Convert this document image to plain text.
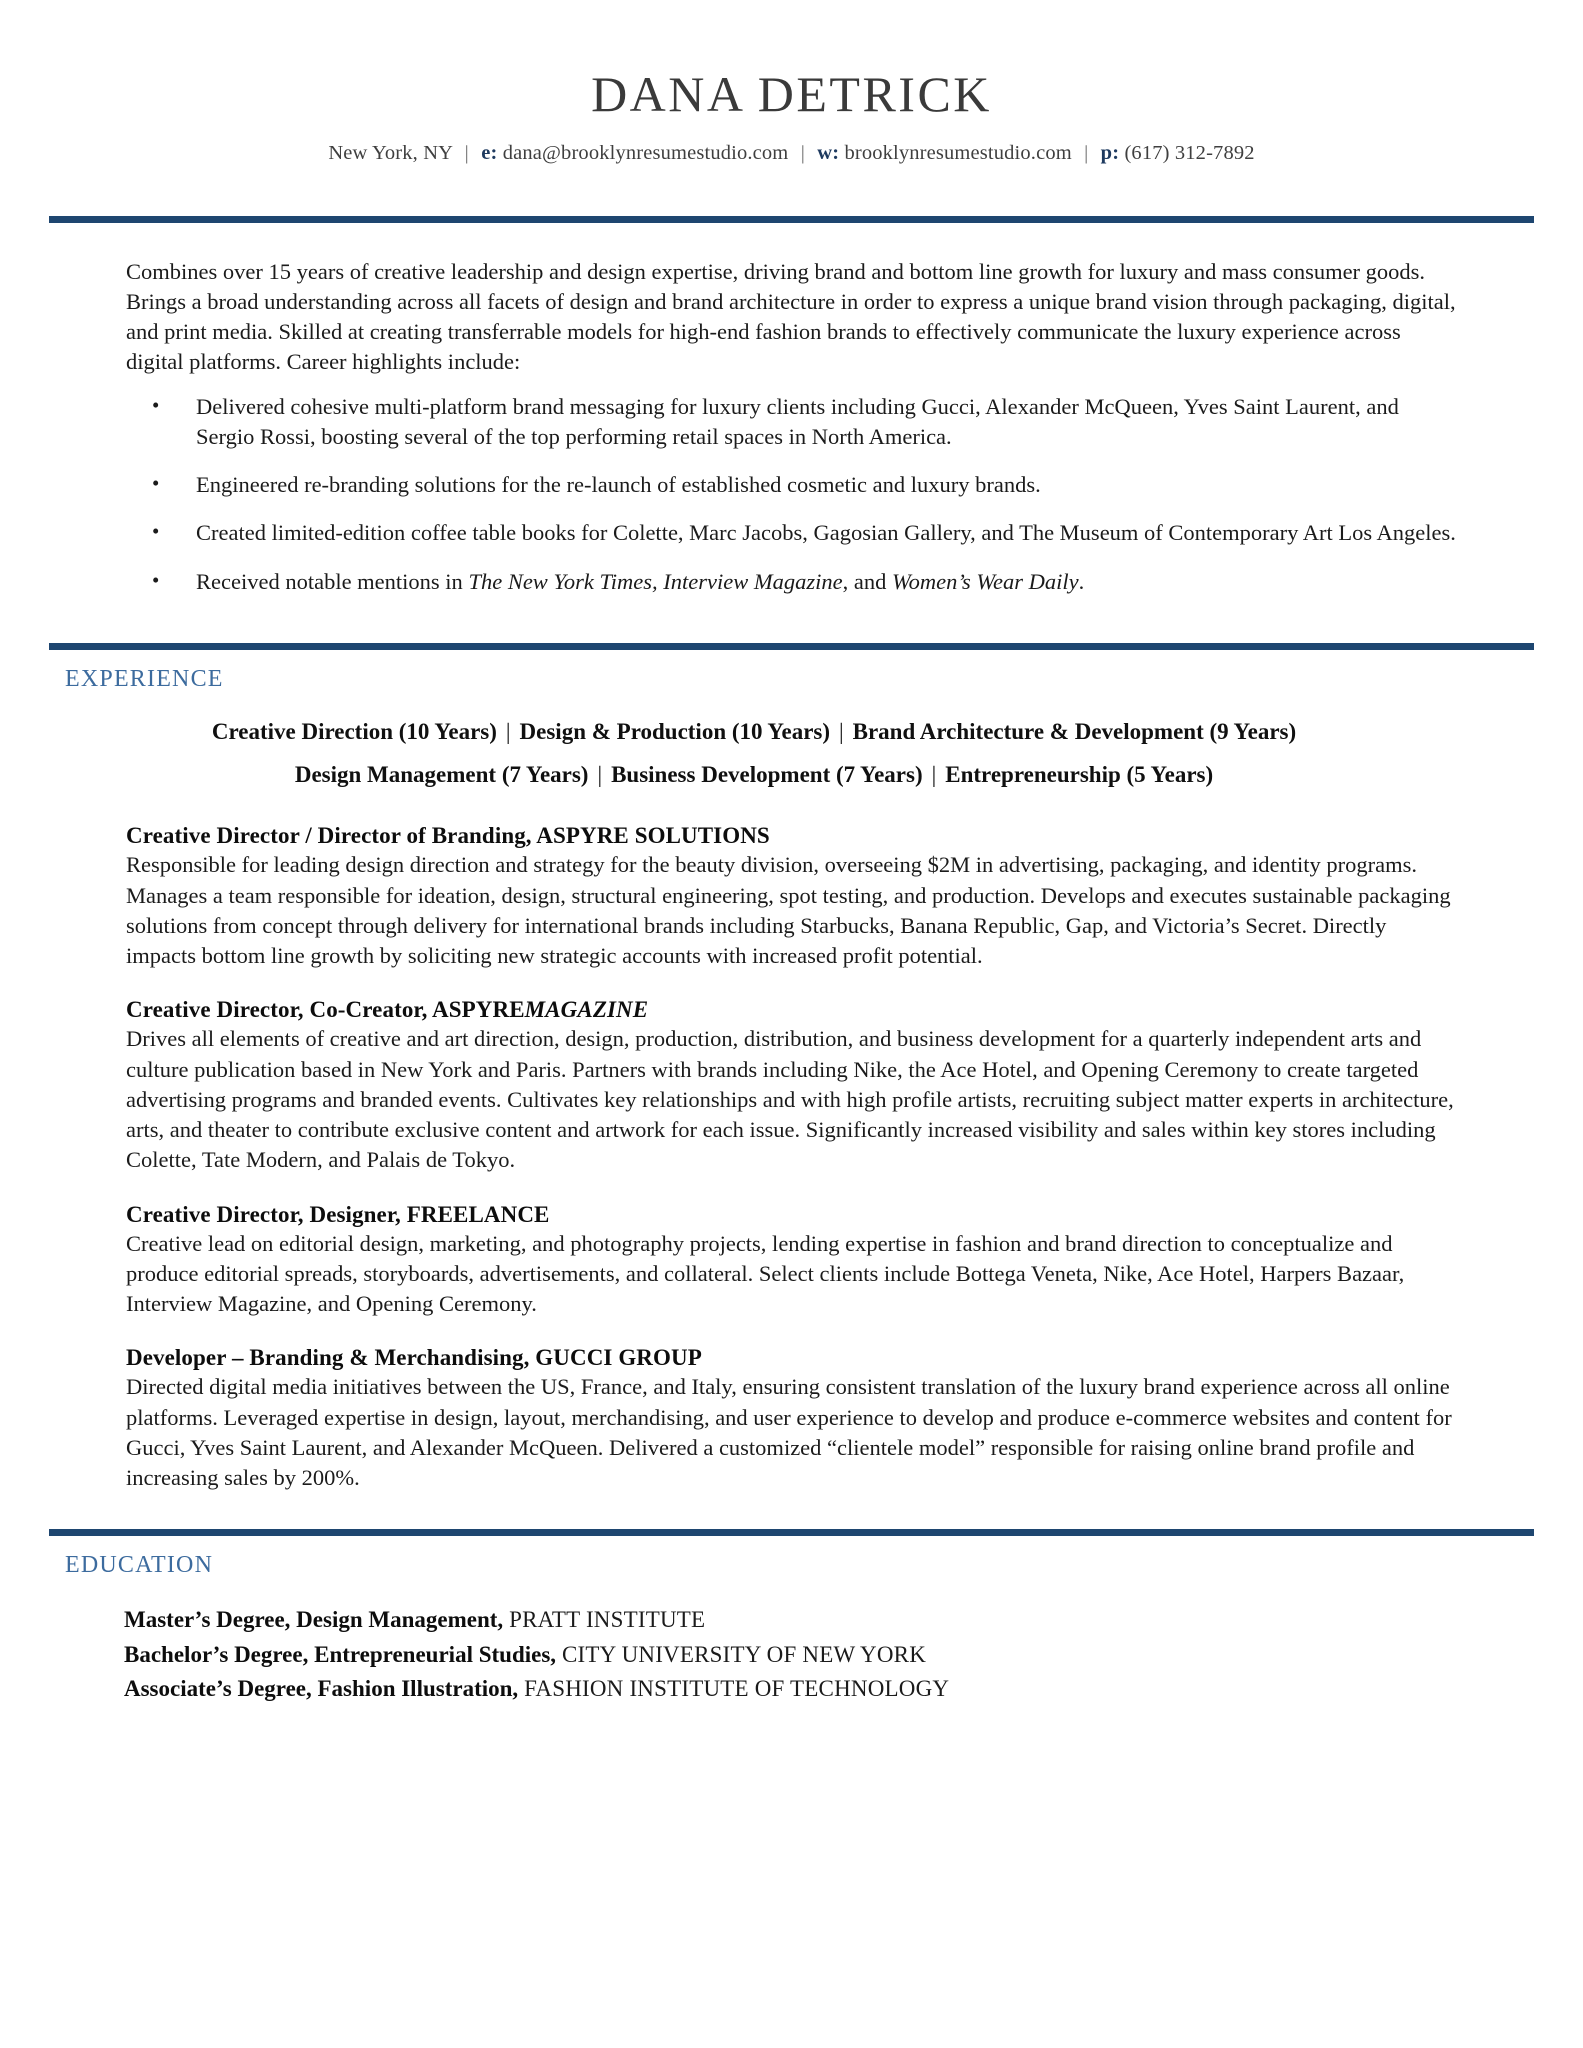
DANA DETRICK
New York, NY | e: dana@brooklynresumestudio.com | w: brooklynresumestudio.com | p: (617) 312-7892

Combines over 15 years of creative leadership and design expertise, driving brand and bottom line growth for luxury and mass consumer goods. Brings a broad understanding across all facets of design and brand architecture in order to express a unique brand vision through packaging, digital, and print media. Skilled at creating transferrable models for high-end fashion brands to effectively communicate the luxury experience across digital platforms. Career highlights include:

• Delivered cohesive multi-platform brand messaging for luxury clients including Gucci, Alexander McQueen, Yves Saint Laurent, and Sergio Rossi, boosting several of the top performing retail spaces in North America.
• Engineered re-branding solutions for the re-launch of established cosmetic and luxury brands.
• Created limited-edition coffee table books for Colette, Marc Jacobs, Gagosian Gallery, and The Museum of Contemporary Art Los Angeles.
• Received notable mentions in The New York Times, Interview Magazine, and Women’s Wear Daily.
EXPERIENCE
Creative Direction (10 Years) | Design & Production (10 Years) | Brand Architecture & Development (9 Years)
Design Management (7 Years) | Business Development (7 Years) | Entrepreneurship (5 Years)
Creative Director / Director of Branding, ASPYRE SOLUTIONS

Responsible for leading design direction and strategy for the beauty division, overseeing $2M in advertising, packaging, and identity programs. Manages a team responsible for ideation, design, structural engineering, spot testing, and production. Develops and executes sustainable packaging solutions from concept through delivery for international brands including Starbucks, Banana Republic, Gap, and Victoria’s Secret. Directly impacts bottom line growth by soliciting new strategic accounts with increased profit potential.

Creative Director, Co-Creator, ASPYREMAGAZINE

Drives all elements of creative and art direction, design, production, distribution, and business development for a quarterly independent arts and culture publication based in New York and Paris. Partners with brands including Nike, the Ace Hotel, and Opening Ceremony to create targeted advertising programs and branded events. Cultivates key relationships and with high profile artists, recruiting subject matter experts in architecture, arts, and theater to contribute exclusive content and artwork for each issue. Significantly increased visibility and sales within key stores including Colette, Tate Modern, and Palais de Tokyo.

Creative Director, Designer, FREELANCE

Creative lead on editorial design, marketing, and photography projects, lending expertise in fashion and brand direction to conceptualize and produce editorial spreads, storyboards, advertisements, and collateral. Select clients include Bottega Veneta, Nike, Ace Hotel, Harpers Bazaar, Interview Magazine, and Opening Ceremony.

Developer – Branding & Merchandising, GUCCI GROUP

Directed digital media initiatives between the US, France, and Italy, ensuring consistent translation of the luxury brand experience across all online platforms. Leveraged expertise in design, layout, merchandising, and user experience to develop and produce e-commerce websites and content for Gucci, Yves Saint Laurent, and Alexander McQueen. Delivered a customized “clientele model” responsible for raising online brand profile and increasing sales by 200%.

EDUCATION
Master’s Degree, Design Management, PRATT INSTITUTE
Bachelor’s Degree, Entrepreneurial Studies, CITY UNIVERSITY OF NEW YORK
Associate’s Degree, Fashion Illustration, FASHION INSTITUTE OF TECHNOLOGY
